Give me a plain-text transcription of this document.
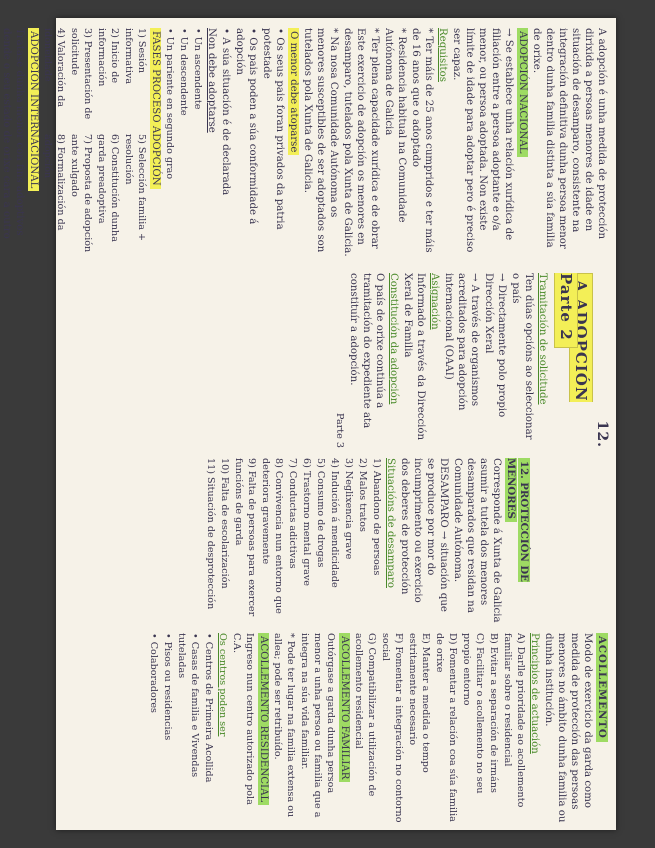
A adopción é unha medida de protección dirixida a persoas menores de idade en situación de desamparo, consistente na integración definitiva dunha persoa menor dentro dunha familia distinta a súa familia de orixe.

ADOPCIÓN NACIONAL

→ Se establece unha relación xurídica de filiación entre a persoa adoptante e o/a menor, ou persoa adoptada. Non existe límite de idade para adoptar pero é preciso ser capaz.

Requisitos

* Ter máis de 25 anos cumpridos e ter máis de 16 anos que o adoptado

* Residencia habitual na Comunidade Autónoma de Galicia

* Ter plena capacidade xurídica e de obrar

Este exercicio de adopción os menores en desamparo, tutelados pola Xunta de Galicia.

* Na nosa Comunidade Autónoma os menores susceptibles de ser adoptados son tutelados pola Xunta de Galicia.

O menor debe atoparse

• Os seus pais foran privados da patria potestade

• Os pais poden a súa conformidade á adopción

• A súa situación é de declarada

Non debe adoptarse

• Un ascendente

• Un descendente

• Un pariente en segundo grao

FASES PROCESO ADOPCIÓN

1) Sesión informativa

2) Inicio de información

3) Presentación de solicitude

4) Valoración da idoneidade

5) Selección familia + resolución

6) Constitución dunha garda preadoptiva

7) Proposta de adopción ante xulgado

8) Formalización da adopción

ADOPCIÓN INTERNACIONAL

Tratase dunha menor con fins adoptivos dende o seu estado de orixe cara a outro

12.

A ADOPCIÓN Parte 2

Tramitación de solicitude

Ten dúas opcións ao seleccionar o país

→ Directamente polo propio Dirección Xeral

→ A través de organismos acreditados para adopción internacional (OAAI)

Asignación

Informado a través da Dirección Xeral de Familia

Constitución da adopción

O país de orixe continúa a tramitación do expediente ata constituír a adopción.

Parte 3

12. PROTECCIÓN DE MENORES

Corresponde á Xunta de Galicia asumir a tutela dos menores desamparados que residan na Comunidade Autónoma.

DESAMPARO → situación que se produce por mor do incumprimento ou exercicio dos deberes de protección

Situacións de desamparo

1) Abandono de persoas

2) Malos tratos

3) Neglixencia grave

4) Indución á mendicidade

5) Consumo de drogas

6) Trastorno mental grave

7) Conductas adictivas

8) Convivencia nun entorno que deteriora gravemente

9) Falta de persoas para exercer funcións de garda

10) Falta de escolarización

11) Situación de desprotección

ACOLLEMENTO

Modo de exercicio da garda como medida de protección das persoas menores no ámbito dunha familia ou dunha institución.

Principios de actuación

A) Darlle prioridade ao acollemento familiar sobre o residencial

B) Evitar a separación de irmáns

C) Facilitar o acollemento no seu propio entorno

D) Fomentar a relación coa súa familia de orixe

E) Manter a medida o tempo estritamente necesario

F) Fomentar a integración no contorno social

G) Compatibilizar a utilización de acollemento residencial

ACOLLEMENTO FAMILIAR

Outórgase a garda dunha persoa menor a unha persoa ou familia que a integra na súa vida familiar.

* Pode ter lugar na familia extensa ou allea; pode ser retribuído.

ACOLLEMENTO RESIDENCIAL

Ingreso nun centro autorizado pola C.A.

Os centros poden ser

• Centros de Primeira Acollida

• Casas de familia e Vivendas tuteladas

• Pisos ou residencias

• Colaboradores
